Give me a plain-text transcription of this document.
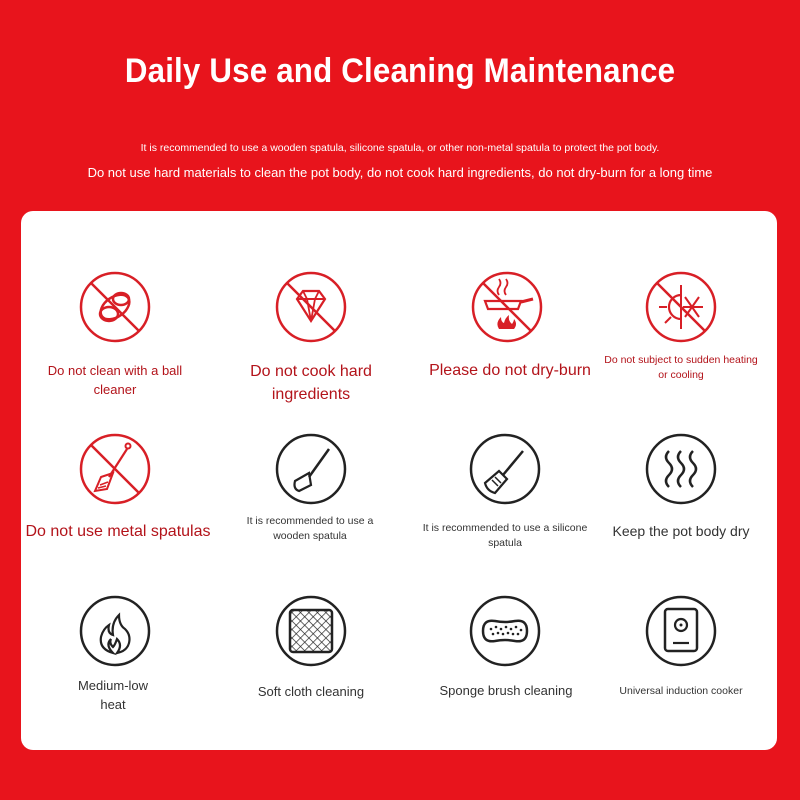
Daily Use and Cleaning Maintenance
It is recommended to use a wooden spatula, silicone spatula, or other non-metal spatula to protect the pot body.
Do not use hard materials to clean the pot body, do not cook hard ingredients, do not dry-burn for a long time
Do not clean with a ball cleaner
Do not cook hard ingredients
Please do not dry-burn
Do not subject to sudden heating or cooling
Do not use metal spatulas
It is recommended to use a wooden spatula
It is recommended to use a silicone spatula
Keep the pot body dry
Medium-low heat
Soft cloth cleaning	Sponge brush cleaning	Universal induction cooker
